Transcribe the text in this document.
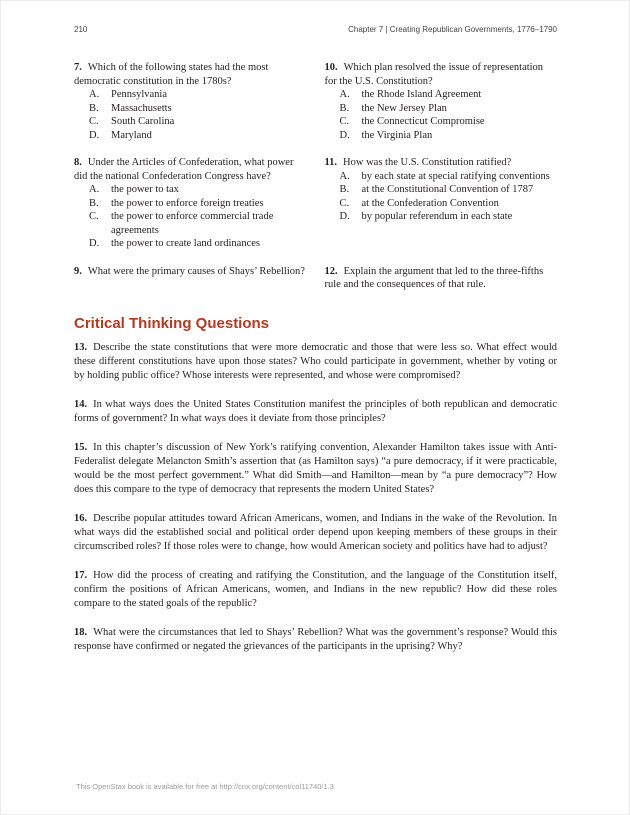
210	Chapter 7 | Creating Republican Governments, 1776–1790

7. Which of the following states had the most democratic constitution in the 1780s?

A.	Pennsylvania
B.	Massachusetts
C.	South Carolina
D.	Maryland

10. Which plan resolved the issue of representation for the U.S. Constitution?

A.	the Rhode Island Agreement
B.	the New Jersey Plan
C.	the Connecticut Compromise
D.	the Virginia Plan

8. Under the Articles of Confederation, what power did the national Confederation Congress have?

A.	the power to tax
B.	the power to enforce foreign treaties
C.	the power to enforce commercial trade agreements
D.	the power to create land ordinances

11. How was the U.S. Constitution ratified?

A.	by each state at special ratifying conventions
B.	at the Constitutional Convention of 1787
C.	at the Confederation Convention
D.	by popular referendum in each state

9. What were the primary causes of Shays’ Rebellion? 12. Explain the argument that led to the three-fifths rule and the consequences of that rule.

Critical Thinking Questions

13. Describe the state constitutions that were more democratic and those that were less so. What effect would these different constitutions have upon those states? Who could participate in government, whether by voting or by holding public office? Whose interests were represented, and whose were compromised?

14. In what ways does the United States Constitution manifest the principles of both republican and democratic forms of government? In what ways does it deviate from those principles?

15. In this chapter’s discussion of New York’s ratifying convention, Alexander Hamilton takes issue with Anti-Federalist delegate Melancton Smith’s assertion that (as Hamilton says) “a pure democracy, if it were practicable, would be the most perfect government.” What did Smith—and Hamilton—mean by “a pure democracy”? How does this compare to the type of democracy that represents the modern United States?

16. Describe popular attitudes toward African Americans, women, and Indians in the wake of the Revolution. In what ways did the established social and political order depend upon keeping members of these groups in their circumscribed roles? If those roles were to change, how would American society and politics have had to adjust?

17. How did the process of creating and ratifying the Constitution, and the language of the Constitution itself, confirm the positions of African Americans, women, and Indians in the new republic? How did these roles compare to the stated goals of the republic?

18. What were the circumstances that led to Shays’ Rebellion? What was the government’s response? Would this response have confirmed or negated the grievances of the participants in the uprising? Why?

This OpenStax book is available for free at http://cnx.org/content/col11740/1.3
